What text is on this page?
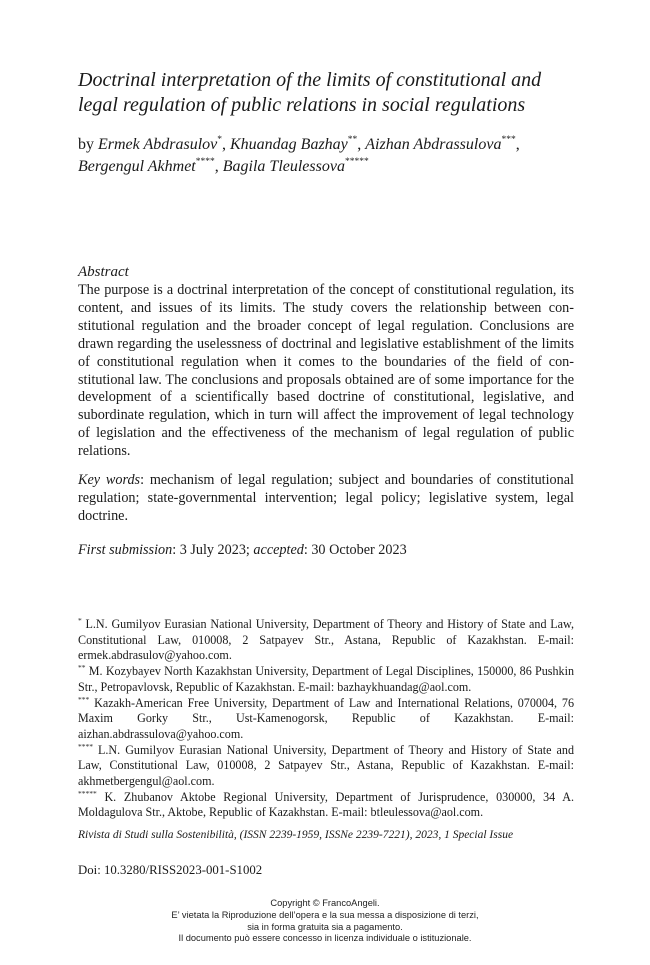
Doctrinal interpretation of the limits of constitutional and legal regulation of public relations in social regulations
by Ermek Abdrasulov*, Khuandag Bazhay**, Aizhan Abdrassulova***, Bergengul Akhmet****, Bagila Tleulessova*****
Abstract
The purpose is a doctrinal interpretation of the concept of constitutional regulation, its content, and issues of its limits. The study covers the relationship between constitutional regulation and the broader concept of legal regulation. Conclusions are drawn regarding the uselessness of doctrinal and legislative establishment of the limits of constitutional regulation when it comes to the boundaries of the field of constitutional law. The conclusions and proposals obtained are of some importance for the development of a scientifically based doctrine of constitutional, legislative, and subordinate regulation, which in turn will affect the improvement of legal technology of legislation and the effectiveness of the mechanism of legal regulation of public relations.
Key words: mechanism of legal regulation; subject and boundaries of constitutional regulation; state-governmental intervention; legal policy; legislative system, legal doctrine.
First submission: 3 July 2023; accepted: 30 October 2023

* L.N. Gumilyov Eurasian National University, Department of Theory and History of State and Law, Constitutional Law, 010008, 2 Satpayev Str., Astana, Republic of Kazakhstan. E-mail: ermek.abdrasulov@yahoo.com.

** M. Kozybayev North Kazakhstan University, Department of Legal Disciplines, 150000, 86 Pushkin Str., Petropavlovsk, Republic of Kazakhstan. E-mail: bazhaykhuandag@aol.com.

*** Kazakh-American Free University, Department of Law and International Relations, 070004, 76 Maxim Gorky Str., Ust-Kamenogorsk, Republic of Kazakhstan. E-mail: aizhan.abdrassulova@yahoo.com.

**** L.N. Gumilyov Eurasian National University, Department of Theory and History of State and Law, Constitutional Law, 010008, 2 Satpayev Str., Astana, Republic of Kazakhstan. E-mail: akhmetbergengul@aol.com.

***** K. Zhubanov Aktobe Regional University, Department of Jurisprudence, 030000, 34 A. Moldagulova Str., Aktobe, Republic of Kazakhstan. E-mail: btleulessova@aol.com.

Rivista di Studi sulla Sostenibilità, (ISSN 2239-1959, ISSNe 2239-7221), 2023, 1 Special Issue
Doi: 10.3280/RISS2023-001-S1002
Copyright © FrancoAngeli.
E’ vietata la Riproduzione dell’opera e la sua messa a disposizione di terzi,
sia in forma gratuita sia a pagamento.
Il documento può essere concesso in licenza individuale o istituzionale.
